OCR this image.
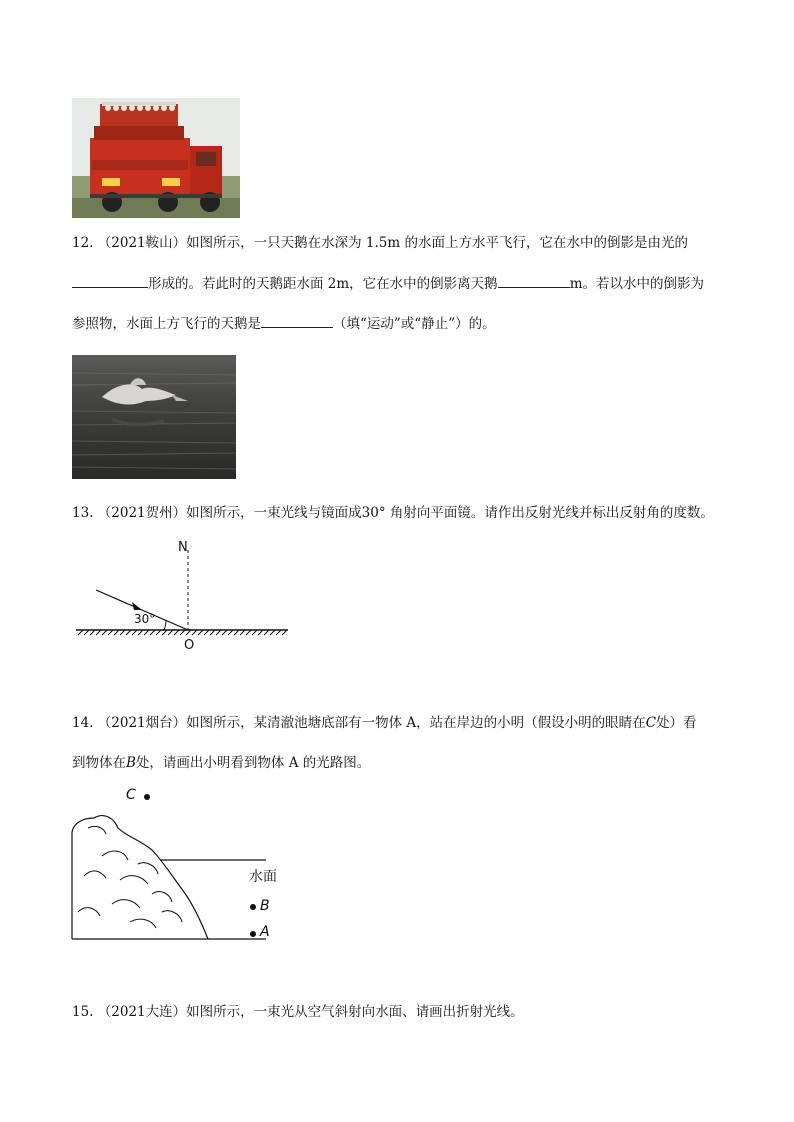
12. （2021鞍山）如图所示，一只天鹅在水深为 1.5m 的水面上方水平飞行，它在水中的倒影是由光的
形成的。若此时的天鹅距水面 2m，它在水中的倒影离天鹅	m。若以水中的倒影为
参照物，水面上方飞行的天鹅是	（填“运动”或“静止”）的。
13. （2021贺州）如图所示，一束光线与镜面成30° 角射向平面镜。请作出反射光线并标出反射角的度数。
N
O
30°
14. （2021烟台）如图所示，某清澈池塘底部有一物体 A，站在岸边的小明（假设小明的眼睛在C处）看
到物体在B处，请画出小明看到物体 A 的光路图。
C
水面
B
A
15. （2021大连）如图所示，一束光从空气斜射向水面、请画出折射光线。
